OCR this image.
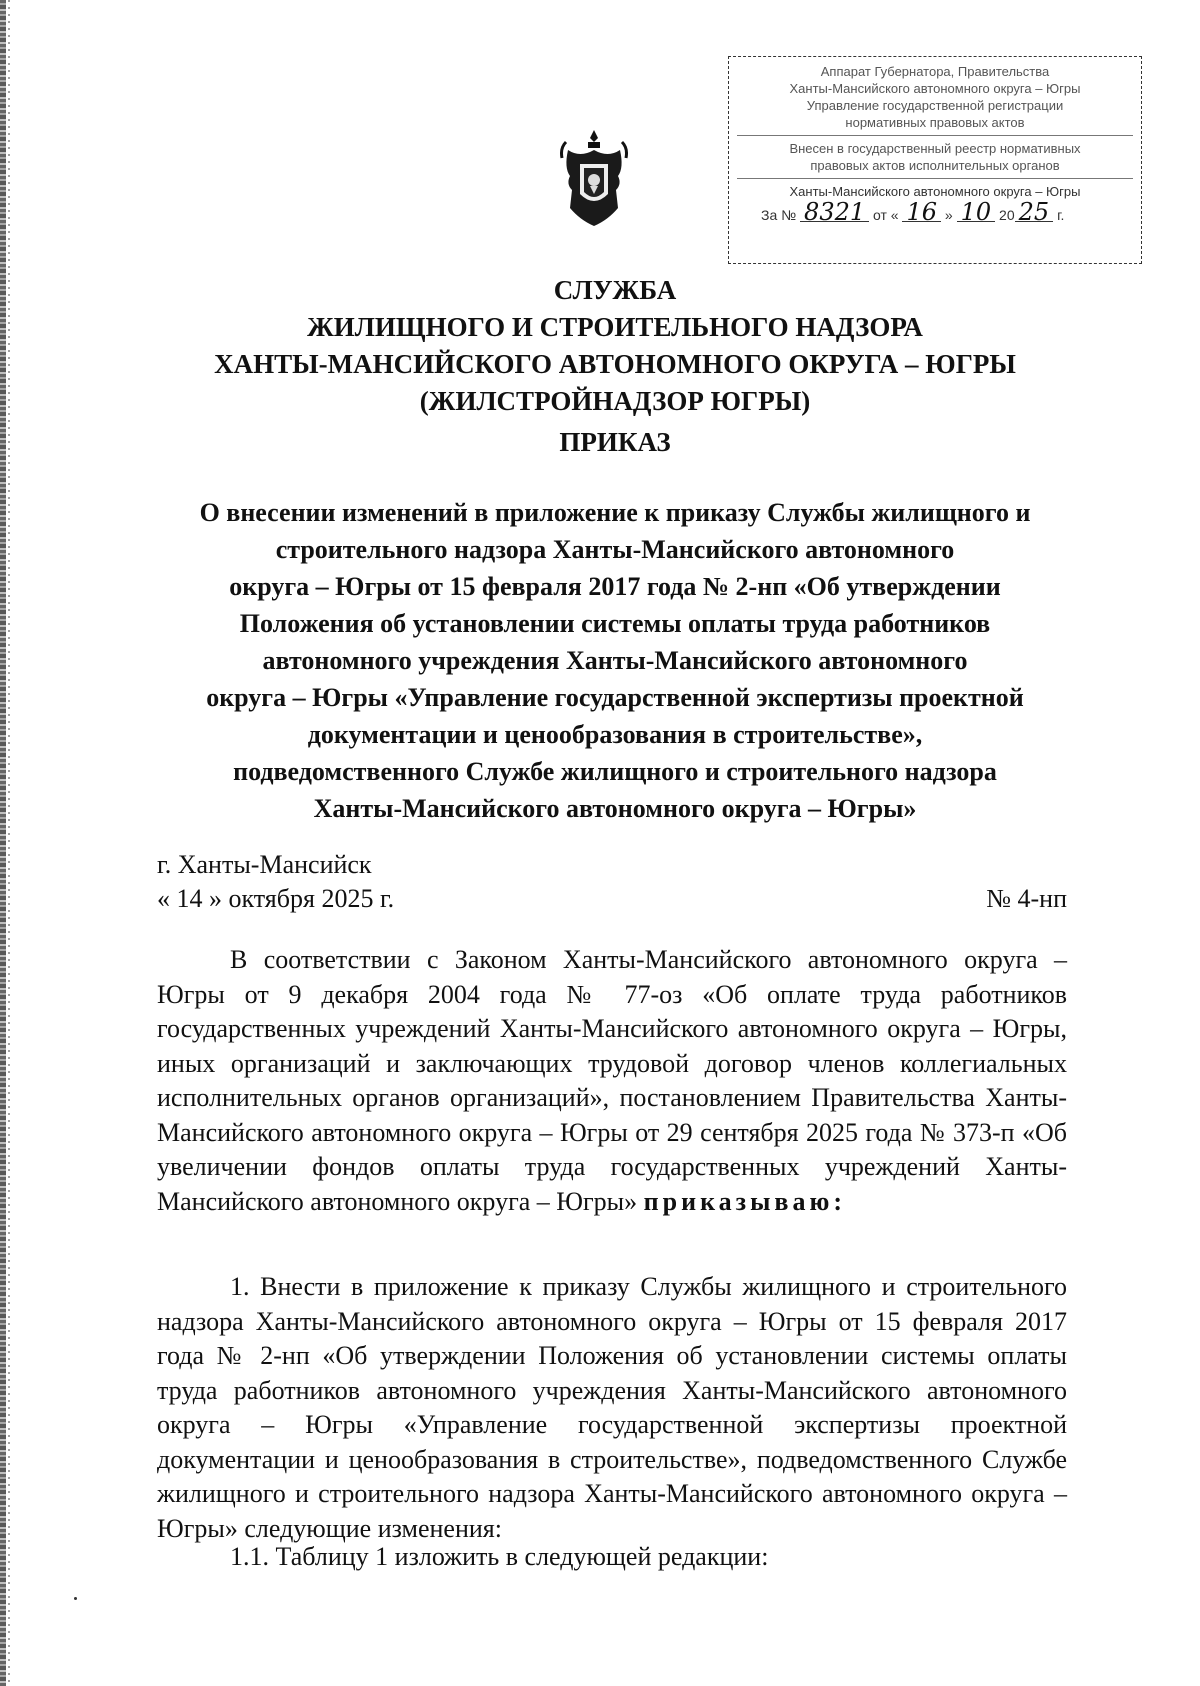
Аппарат Губернатора, Правительства
Ханты-Мансийского автономного округа – Югры
Управление государственной регистрации
нормативных правовых актов
Внесен в государственный реестр нормативных
правовых актов исполнительных органов
Ханты-Мансийского автономного округа – Югры
За № 8321 от « 16 » 10 20 25 г.
СЛУЖБА
ЖИЛИЩНОГО И СТРОИТЕЛЬНОГО НАДЗОРА
ХАНТЫ-МАНСИЙСКОГО АВТОНОМНОГО ОКРУГА – ЮГРЫ
(ЖИЛСТРОЙНАДЗОР ЮГРЫ)
ПРИКАЗ
О внесении изменений в приложение к приказу Службы жилищного и
строительного надзора Ханты-Мансийского автономного
округа – Югры от 15 февраля 2017 года № 2-нп «Об утверждении
Положения об установлении системы оплаты труда работников
автономного учреждения Ханты-Мансийского автономного
округа – Югры «Управление государственной экспертизы проектной
документации и ценообразования в строительстве»,
подведомственного Службе жилищного и строительного надзора
Ханты-Мансийского автономного округа – Югры»
г. Ханты-Мансийск
« 14 » октября 2025 г.	№ 4-нп
В соответствии с Законом Ханты-Мансийского автономного округа – Югры от 9 декабря 2004 года № 77-оз «Об оплате труда работников государственных учреждений Ханты-Мансийского автономного округа – Югры, иных организаций и заключающих трудовой договор членов коллегиальных исполнительных органов организаций», постановлением Правительства Ханты-Мансийского автономного округа – Югры от 29 сентября 2025 года № 373-п «Об увеличении фондов оплаты труда государственных учреждений Ханты-Мансийского автономного округа – Югры» приказываю:
1. Внести в приложение к приказу Службы жилищного и строительного надзора Ханты-Мансийского автономного округа – Югры от 15 февраля 2017 года № 2-нп «Об утверждении Положения об установлении системы оплаты труда работников автономного учреждения Ханты-Мансийского автономного округа – Югры «Управление государственной экспертизы проектной документации и ценообразования в строительстве», подведомственного Службе жилищного и строительного надзора Ханты-Мансийского автономного округа – Югры» следующие изменения:
1.1. Таблицу 1 изложить в следующей редакции:
